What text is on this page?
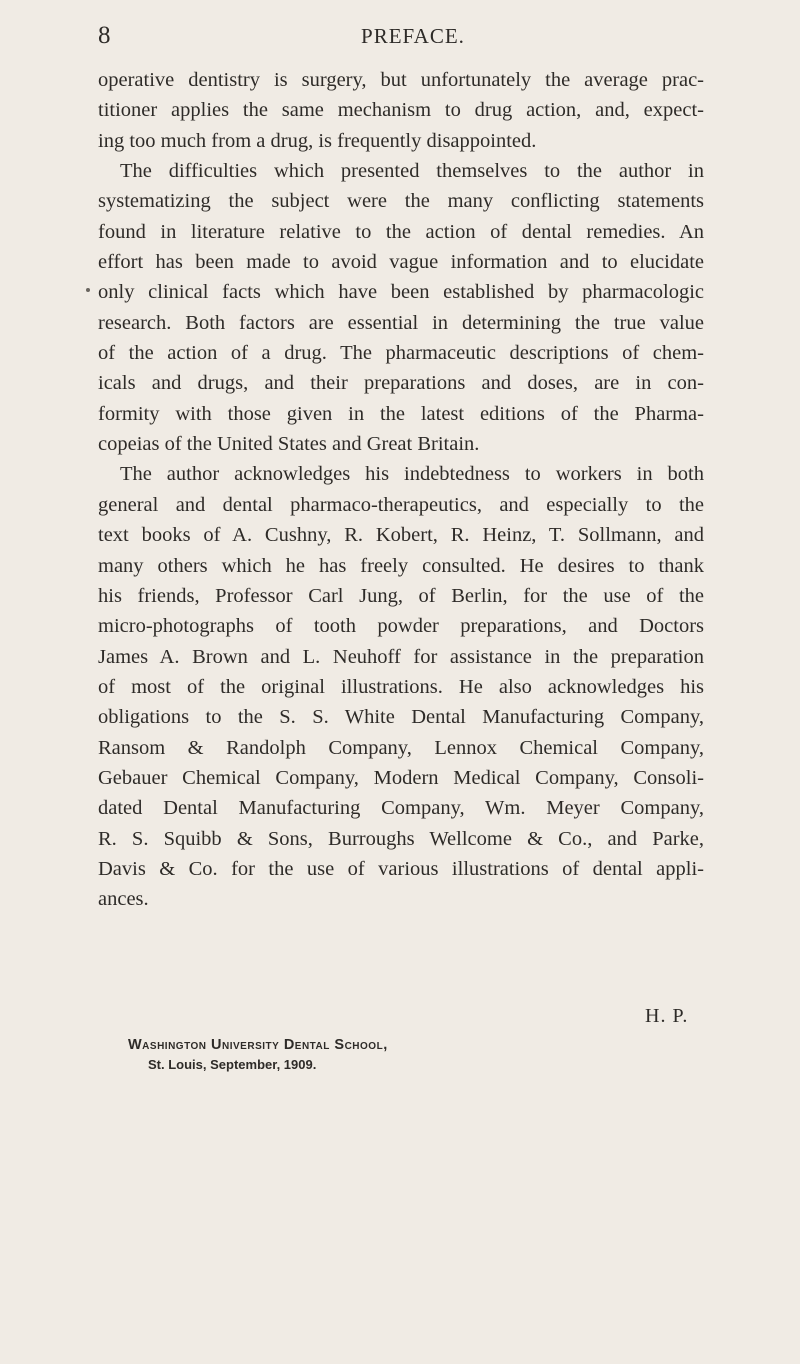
8	PREFACE.
operative dentistry is surgery, but unfortunately the average prac-
titioner applies the same mechanism to drug action, and, expect-
ing too much from a drug, is frequently disappointed.
The difficulties which presented themselves to the author in
systematizing the subject were the many conflicting statements
found in literature relative to the action of dental remedies. An
effort has been made to avoid vague information and to elucidate
only clinical facts which have been established by pharmacologic
research. Both factors are essential in determining the true value
of the action of a drug. The pharmaceutic descriptions of chem-
icals and drugs, and their preparations and doses, are in con-
formity with those given in the latest editions of the Pharma-
copeias of the United States and Great Britain.
The author acknowledges his indebtedness to workers in both
general and dental pharmaco-therapeutics, and especially to the
text books of A. Cushny, R. Kobert, R. Heinz, T. Sollmann, and
many others which he has freely consulted. He desires to thank
his friends, Professor Carl Jung, of Berlin, for the use of the
micro-photographs of tooth powder preparations, and Doctors
James A. Brown and L. Neuhoff for assistance in the preparation
of most of the original illustrations. He also acknowledges his
obligations to the S. S. White Dental Manufacturing Company,
Ransom & Randolph Company, Lennox Chemical Company,
Gebauer Chemical Company, Modern Medical Company, Consoli-
dated Dental Manufacturing Company, Wm. Meyer Company,
R. S. Squibb & Sons, Burroughs Wellcome & Co., and Parke,
Davis & Co. for the use of various illustrations of dental appli-
ances.
H. P.
Washington University Dental School,
St. Louis, September, 1909.
